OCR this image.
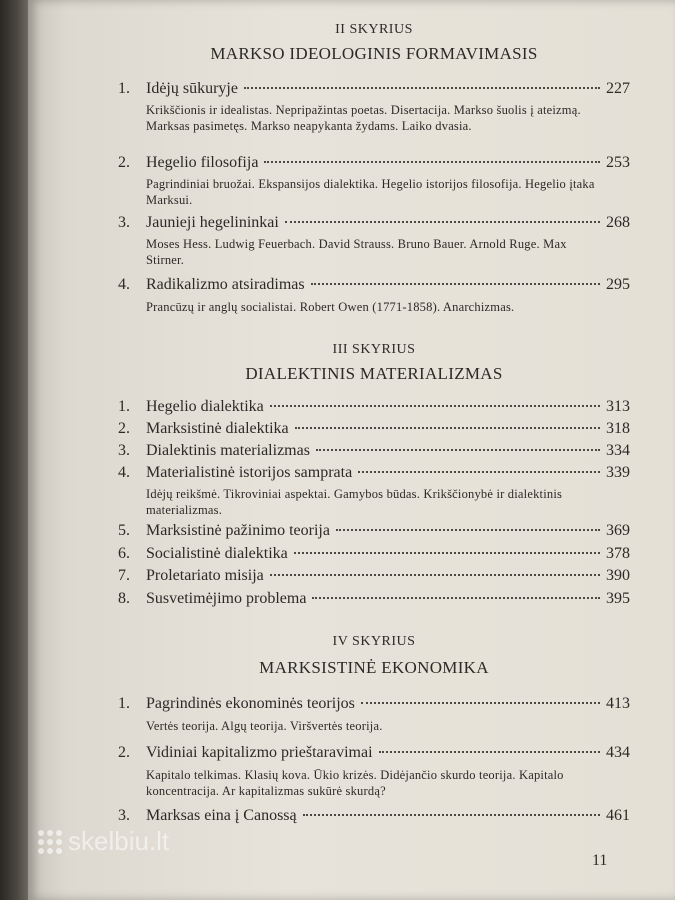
II SKYRIUS
MARKSO IDEOLOGINIS FORMAVIMASIS
1.	Idėjų sūkuryje	227
Krikščionis ir idealistas. Nepripažintas poetas. Disertacija. Markso šuolis į ateizmą. Marksas pasimetęs. Markso neapykanta žydams. Laiko dvasia.
2.	Hegelio filosofija	253
Pagrindiniai bruožai. Ekspansijos dialektika. Hegelio istorijos filosofija. Hegelio įtaka Marksui.
3.	Jaunieji hegelininkai	268
Moses Hess. Ludwig Feuerbach. David Strauss. Bruno Bauer. Arnold Ruge. Max Stirner.
4.	Radikalizmo atsiradimas	295
Prancūzų ir anglų socialistai. Robert Owen (1771-1858). Anarchizmas.
III SKYRIUS
DIALEKTINIS MATERIALIZMAS
1.	Hegelio dialektika	313
2.	Marksistinė dialektika	318
3.	Dialektinis materializmas	334
4.	Materialistinė istorijos samprata	339
Idėjų reikšmė. Tikroviniai aspektai. Gamybos būdas. Krikščionybė ir dialektinis materializmas.
5.	Marksistinė pažinimo teorija	369
6.	Socialistinė dialektika	378
7.	Proletariato misija	390
8.	Susvetimėjimo problema	395
IV SKYRIUS
MARKSISTINĖ EKONOMIKA
1.	Pagrindinės ekonominės teorijos	413
Vertės teorija. Algų teorija. Viršvertės teorija.
2.	Vidiniai kapitalizmo prieštaravimai	434
Kapitalo telkimas. Klasių kova. Ūkio krizės. Didėjančio skurdo teorija. Kapitalo koncentracija. Ar kapitalizmas sukūrė skurdą?
3.	Marksas eina į Canossą	461
11
skelbiu.lt
